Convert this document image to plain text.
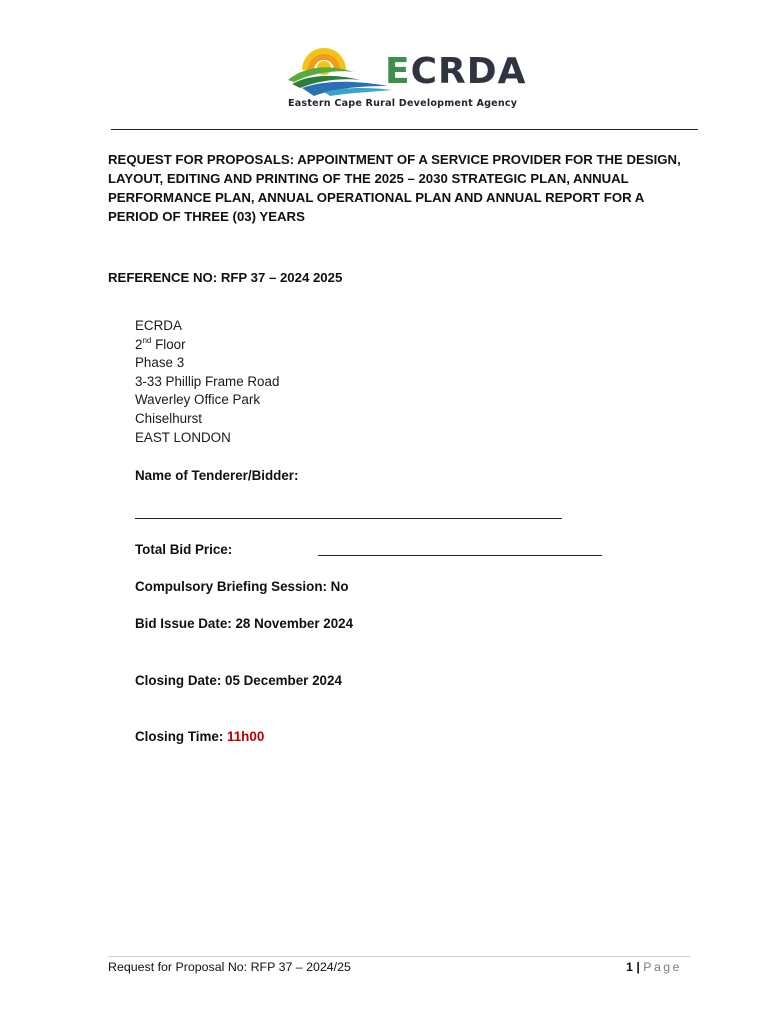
ECRDA
Eastern Cape Rural Development Agency
REQUEST FOR PROPOSALS: APPOINTMENT OF A SERVICE PROVIDER FOR THE DESIGN, LAYOUT, EDITING AND PRINTING OF THE 2025 – 2030 STRATEGIC PLAN, ANNUAL PERFORMANCE PLAN, ANNUAL OPERATIONAL PLAN AND ANNUAL REPORT FOR A PERIOD OF THREE (03) YEARS
REFERENCE NO: RFP 37 – 2024 2025
ECRDA
2nd Floor
Phase 3
3-33 Phillip Frame Road
Waverley Office Park
Chiselhurst
EAST LONDON
Name of Tenderer/Bidder:
Total Bid Price:
Compulsory Briefing Session: No
Bid Issue Date: 28 November 2024
Closing Date: 05 December 2024
Closing Time: 11h00
Request for Proposal No: RFP 37 – 2024/25	1 | Page
